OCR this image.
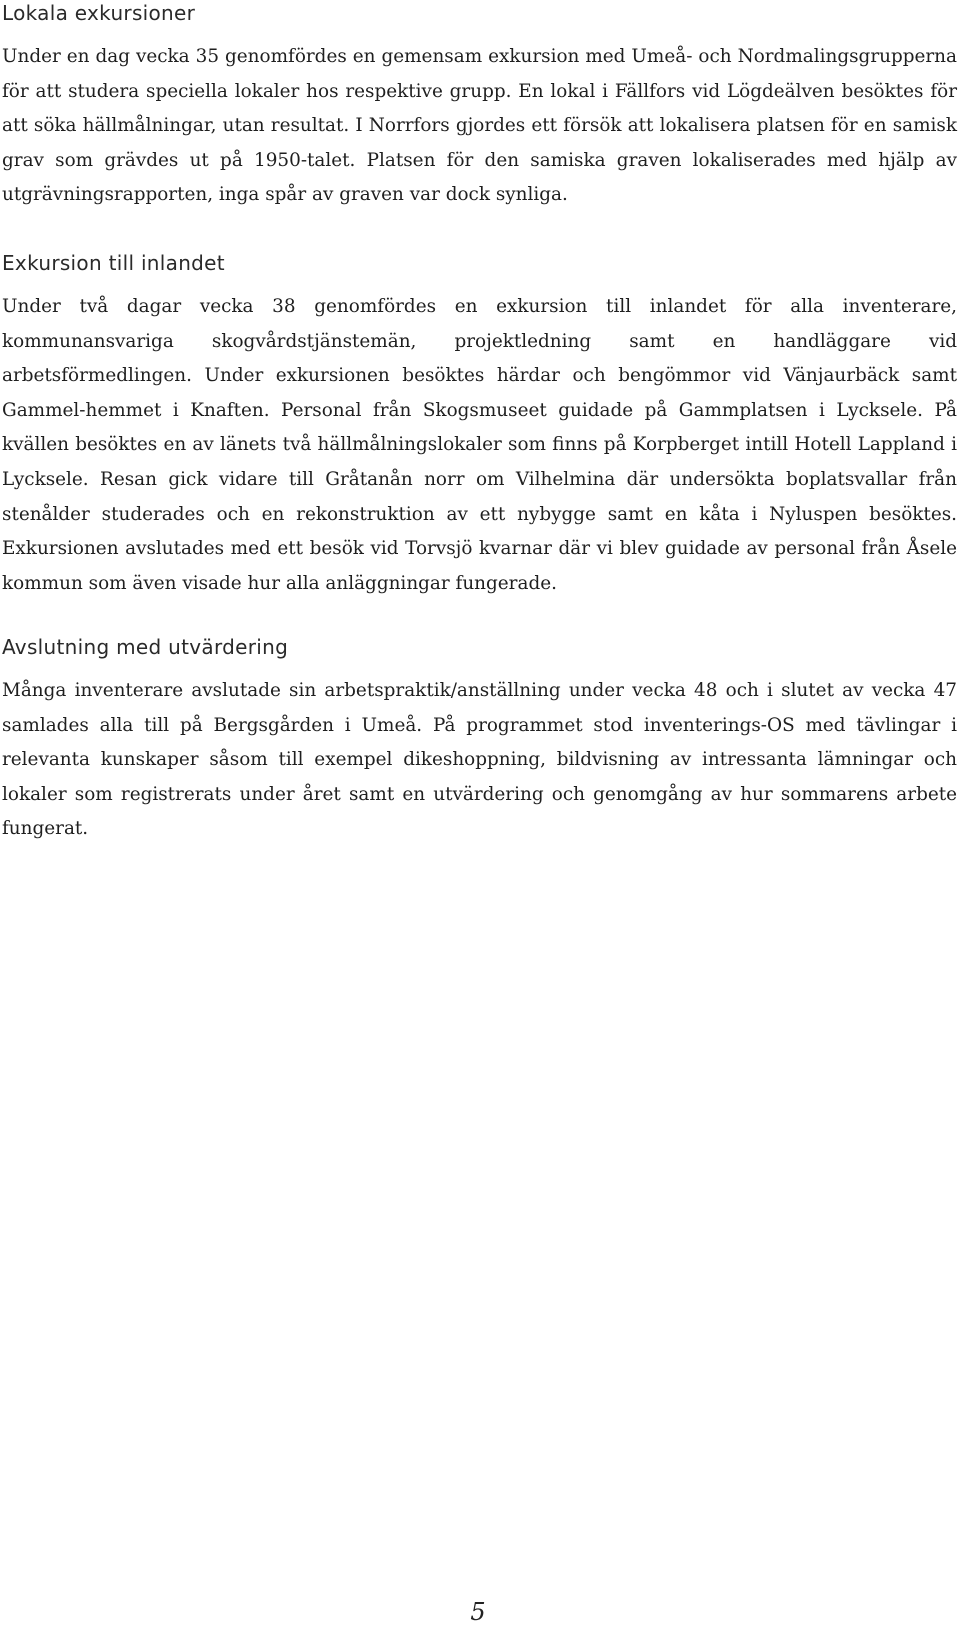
Lokala exkursioner

Under en dag vecka 35 genomfördes en gemensam exkursion med Umeå- och Nordmalingsgrupperna för att studera speciella lokaler hos respektive grupp. En lokal i Fällfors vid Lögdeälven besöktes för att söka hällmålningar, utan resultat. I Norrfors gjordes ett försök att lokalisera platsen för en samisk grav som grävdes ut på 1950-talet. Platsen för den samiska graven lokaliserades med hjälp av utgrävningsrapporten, inga spår av graven var dock synliga.

Exkursion till inlandet

Under två dagar vecka 38 genomfördes en exkursion till inlandet för alla inventerare, kommunansvariga skogvårdstjänstemän, projektledning samt en handläggare vid arbetsförmedlingen. Under exkursionen besöktes härdar och bengömmor vid Vänjaurbäck samt Gammel-hemmet i Knaften. Personal från Skogsmuseet guidade på Gammplatsen i Lycksele. På kvällen besöktes en av länets två hällmålningslokaler som finns på Korpberget intill Hotell Lappland i Lycksele. Resan gick vidare till Gråtanån norr om Vilhelmina där undersökta boplatsvallar från stenålder studerades och en rekonstruktion av ett nybygge samt en kåta i Nyluspen besöktes. Exkursionen avslutades med ett besök vid Torvsjö kvarnar där vi blev guidade av personal från Åsele kommun som även visade hur alla anläggningar fungerade.

Avslutning med utvärdering

Många inventerare avslutade sin arbetspraktik/anställning under vecka 48 och i slutet av vecka 47 samlades alla till på Bergsgården i Umeå. På programmet stod inventerings-OS med tävlingar i relevanta kunskaper såsom till exempel dikeshoppning, bildvisning av intressanta lämningar och lokaler som registrerats under året samt en utvärdering och genomgång av hur sommarens arbete fungerat.

5
